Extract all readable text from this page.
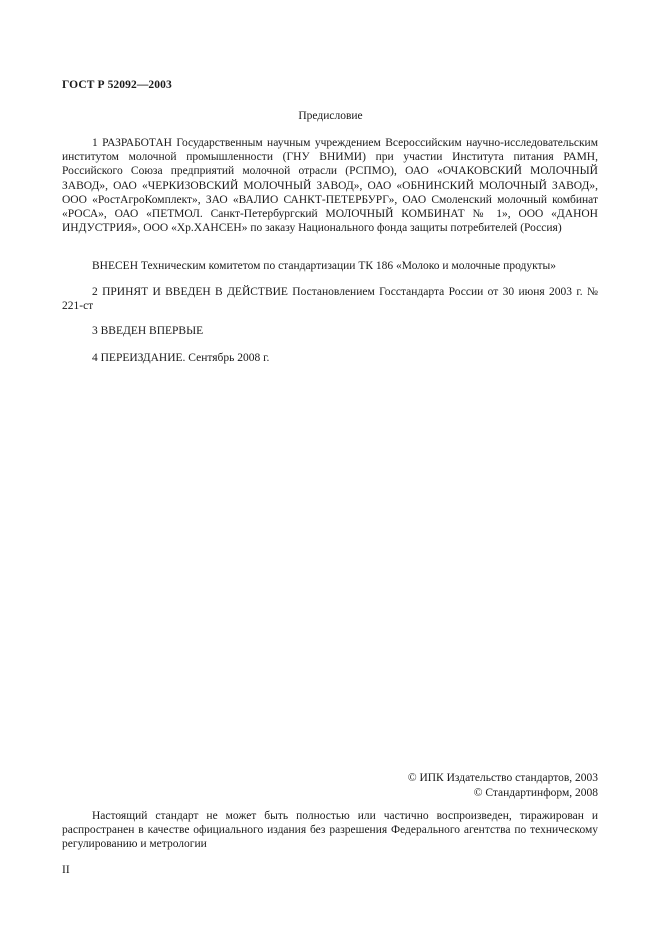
ГОСТ Р 52092—2003
Предисловие
1 РАЗРАБОТАН Государственным научным учреждением Всероссийским научно-исследовательским институтом молочной промышленности (ГНУ ВНИМИ) при участии Института питания РАМН, Российского Союза предприятий молочной отрасли (РСПМО), ОАО «ОЧАКОВСКИЙ МОЛОЧНЫЙ ЗАВОД», ОАО «ЧЕРКИЗОВСКИЙ МОЛОЧНЫЙ ЗАВОД», ОАО «ОБНИНСКИЙ МОЛОЧНЫЙ ЗАВОД», ООО «РостАгроКомплект», ЗАО «ВАЛИО САНКТ-ПЕТЕРБУРГ», ОАО Смоленский молочный комбинат «РОСА», ОАО «ПЕТМОЛ. Санкт-Петербургский МОЛОЧНЫЙ КОМБИНАТ № 1», ООО «ДАНОН ИНДУСТРИЯ», ООО «Хр.ХАНСЕН» по заказу Национального фонда защиты потребителей (Россия)
ВНЕСЕН Техническим комитетом по стандартизации ТК 186 «Молоко и молочные продукты»
2 ПРИНЯТ И ВВЕДЕН В ДЕЙСТВИЕ Постановлением Госстандарта России от 30 июня 2003 г. № 221-ст
3 ВВЕДЕН ВПЕРВЫЕ
4 ПЕРЕИЗДАНИЕ. Сентябрь 2008 г.
© ИПК Издательство стандартов, 2003
© Стандартинформ, 2008
Настоящий стандарт не может быть полностью или частично воспроизведен, тиражирован и распространен в качестве официального издания без разрешения Федерального агентства по техническому регулированию и метрологии
II
